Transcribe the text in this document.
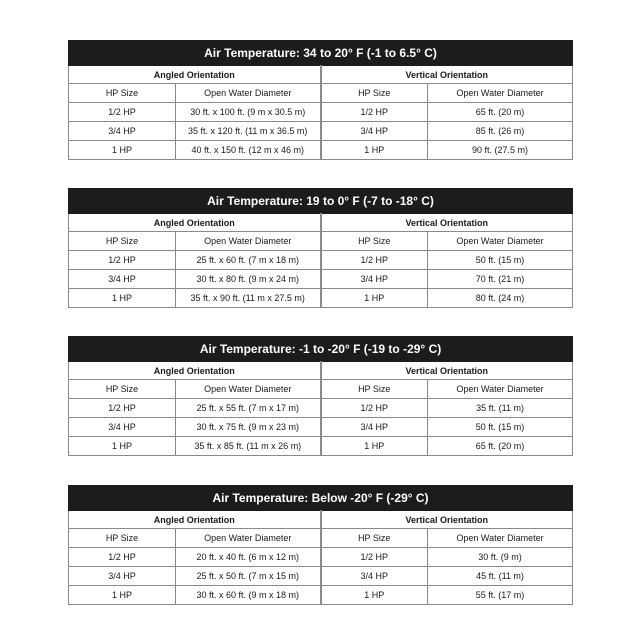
Air Temperature: 34 to 20° F (-1 to 6.5° C)			
Angled Orientation		Vertical Orientation	
HP Size	Open Water Diameter	HP Size	Open Water Diameter
1/2 HP	30 ft. x 100 ft. (9 m x 30.5 m)	1/2 HP	65 ft. (20 m)
3/4 HP	35 ft. x 120 ft. (11 m x 36.5 m)	3/4 HP	85 ft. (26 m)
1 HP	40 ft. x 150 ft. (12 m x 46 m)	1 HP	90 ft. (27.5 m)
Air Temperature: 19 to 0° F (-7 to -18° C)			
Angled Orientation		Vertical Orientation	
HP Size	Open Water Diameter	HP Size	Open Water Diameter
1/2 HP	25 ft. x 60 ft. (7 m x 18 m)	1/2 HP	50 ft. (15 m)
3/4 HP	30 ft. x 80 ft. (9 m x 24 m)	3/4 HP	70 ft. (21 m)
1 HP	35 ft. x 90 ft. (11 m x 27.5 m)	1 HP	80 ft. (24 m)
Air Temperature: -1 to -20° F (-19 to -29° C)			
Angled Orientation		Vertical Orientation	
HP Size	Open Water Diameter	HP Size	Open Water Diameter
1/2 HP	25 ft. x 55 ft. (7 m x 17 m)	1/2 HP	35 ft. (11 m)
3/4 HP	30 ft. x 75 ft. (9 m x 23 m)	3/4 HP	50 ft. (15 m)
1 HP	35 ft. x 85 ft. (11 m x 26 m)	1 HP	65 ft. (20 m)
Air Temperature: Below -20° F (-29° C)			
Angled Orientation		Vertical Orientation	
HP Size	Open Water Diameter	HP Size	Open Water Diameter
1/2 HP	20 ft. x 40 ft. (6 m x 12 m)	1/2 HP	30 ft. (9 m)
3/4 HP	25 ft. x 50 ft. (7 m x 15 m)	3/4 HP	45 ft. (11 m)
1 HP	30 ft. x 60 ft. (9 m x 18 m)	1 HP	55 ft. (17 m)
